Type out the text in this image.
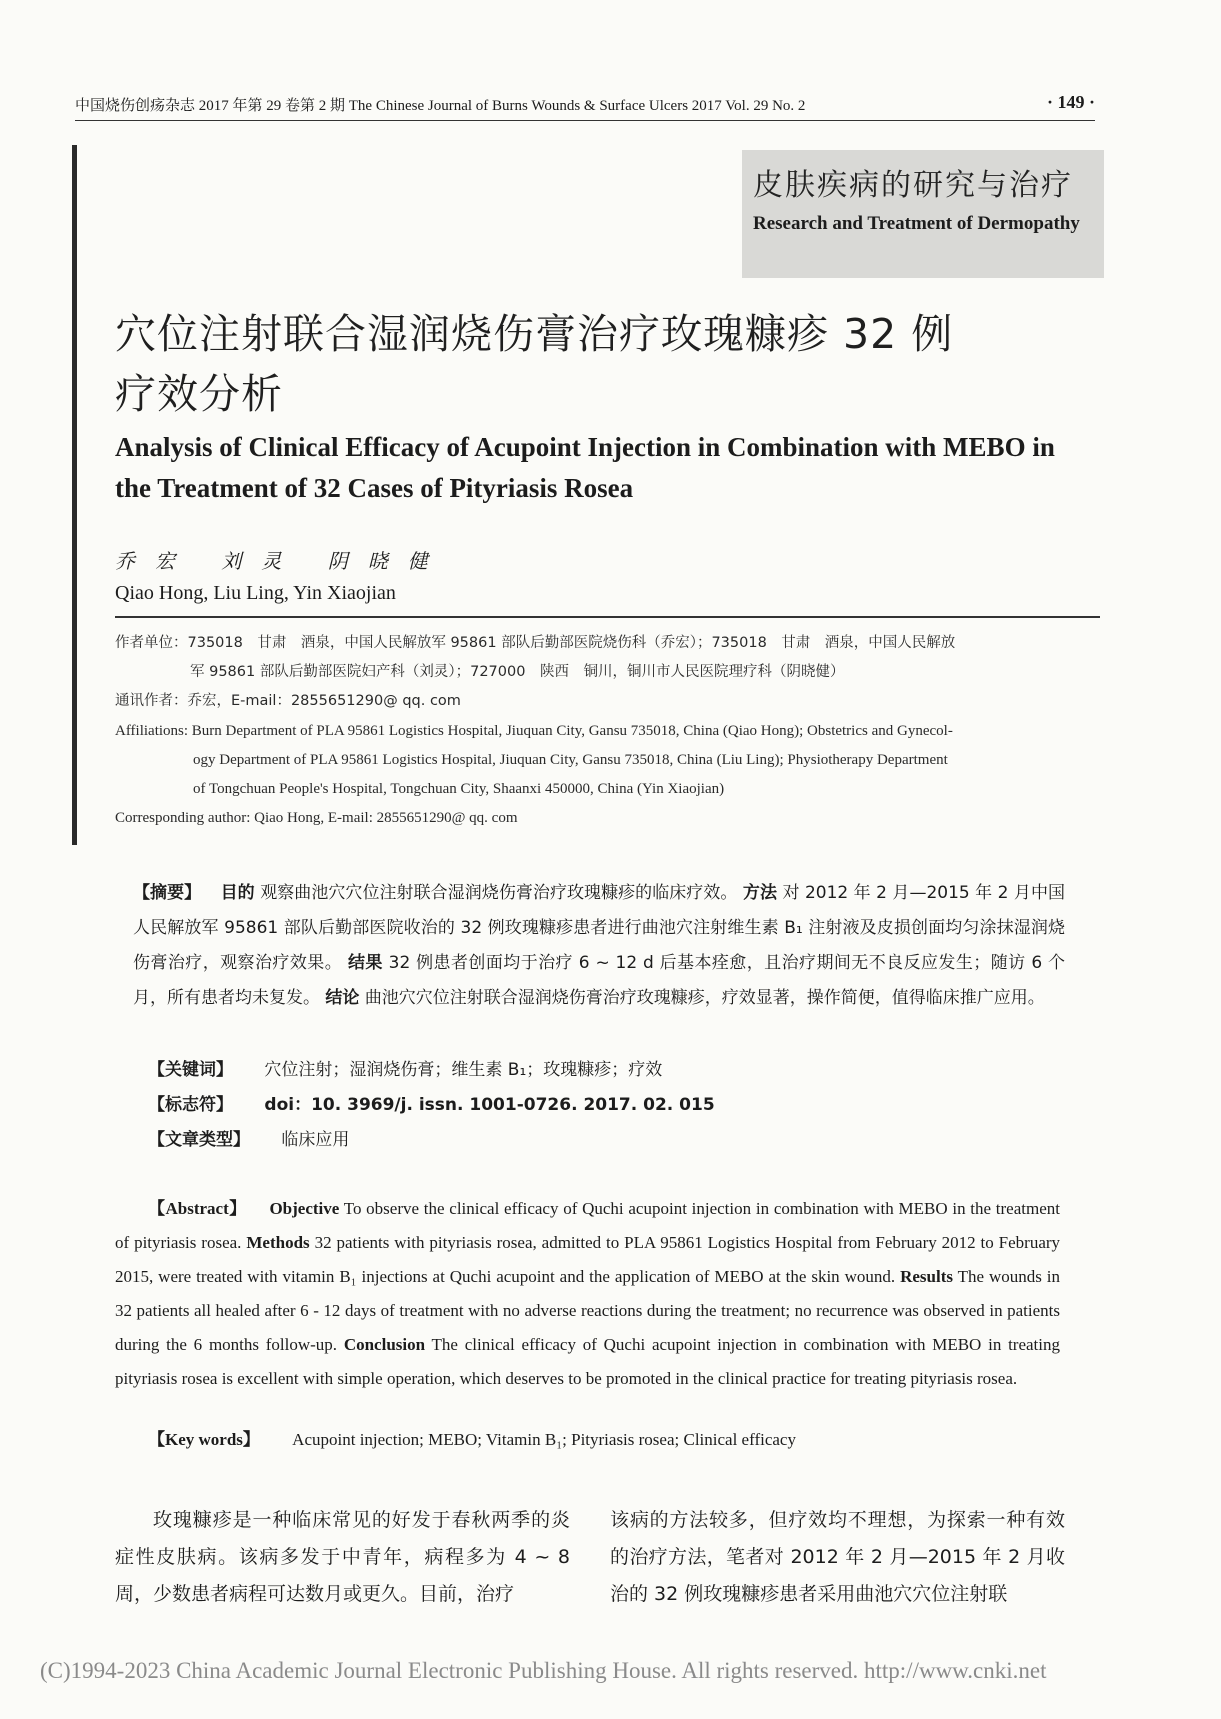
中国烧伤创疡杂志 2017 年第 29 卷第 2 期 The Chinese Journal of Burns Wounds & Surface Ulcers 2017 Vol. 29 No. 2	· 149 ·
皮肤疾病的研究与治疗
Research and Treatment of Dermopathy
穴位注射联合湿润烧伤膏治疗玫瑰糠疹 32 例疗效分析
Analysis of Clinical Efficacy of Acupoint Injection in Combination with MEBO in the Treatment of 32 Cases of Pityriasis Rosea
乔宏 刘灵 阴晓健
Qiao Hong, Liu Ling, Yin Xiaojian
作者单位：735018　甘肃　酒泉，中国人民解放军 95861 部队后勤部医院烧伤科（乔宏）；735018　甘肃　酒泉，中国人民解放
军 95861 部队后勤部医院妇产科（刘灵）；727000　陕西　铜川，铜川市人民医院理疗科（阴晓健）
通讯作者：乔宏，E-mail：2855651290@ qq. com
Affiliations: Burn Department of PLA 95861 Logistics Hospital, Jiuquan City, Gansu 735018, China (Qiao Hong); Obstetrics and Gynecol-
ogy Department of PLA 95861 Logistics Hospital, Jiuquan City, Gansu 735018, China (Liu Ling); Physiotherapy Department
of Tongchuan People's Hospital, Tongchuan City, Shaanxi 450000, China (Yin Xiaojian)
Corresponding author: Qiao Hong, E-mail: 2855651290@ qq. com
【摘要】 目的 观察曲池穴穴位注射联合湿润烧伤膏治疗玫瑰糠疹的临床疗效。 方法 对 2012 年 2 月—2015 年 2 月中国人民解放军 95861 部队后勤部医院收治的 32 例玫瑰糠疹患者进行曲池穴注射维生素 B₁ 注射液及皮损创面均匀涂抹湿润烧伤膏治疗，观察治疗效果。 结果 32 例患者创面均于治疗 6 ~ 12 d 后基本痊愈，且治疗期间无不良反应发生；随访 6 个月，所有患者均未复发。 结论 曲池穴穴位注射联合湿润烧伤膏治疗玫瑰糠疹，疗效显著，操作简便，值得临床推广应用。
【关键词】 穴位注射；湿润烧伤膏；维生素 B₁；玫瑰糠疹；疗效
【标志符】 doi：10. 3969/j. issn. 1001-0726. 2017. 02. 015
【文章类型】 临床应用
【Abstract】 Objective To observe the clinical efficacy of Quchi acupoint injection in combination with MEBO in the treatment of pityriasis rosea. Methods 32 patients with pityriasis rosea, admitted to PLA 95861 Logistics Hospital from February 2012 to February 2015, were treated with vitamin B₁ injections at Quchi acupoint and the application of MEBO at the skin wound. Results The wounds in 32 patients all healed after 6 - 12 days of treatment with no adverse reactions during the treatment; no recurrence was observed in patients during the 6 months follow-up. Conclusion The clinical efficacy of Quchi acupoint injection in combination with MEBO in treating pityriasis rosea is excellent with simple operation, which deserves to be promoted in the clinical practice for treating pityriasis rosea.
【Key words】 Acupoint injection; MEBO; Vitamin B₁; Pityriasis rosea; Clinical efficacy
玫瑰糠疹是一种临床常见的好发于春秋两季的炎症性皮肤病。该病多发于中青年，病程多为 4 ~ 8 周，少数患者病程可达数月或更久。目前，治疗
该病的方法较多，但疗效均不理想，为探索一种有效的治疗方法，笔者对 2012 年 2 月—2015 年 2 月收治的 32 例玫瑰糠疹患者采用曲池穴穴位注射联
(C)1994-2023 China Academic Journal Electronic Publishing House. All rights reserved. http://www.cnki.net
